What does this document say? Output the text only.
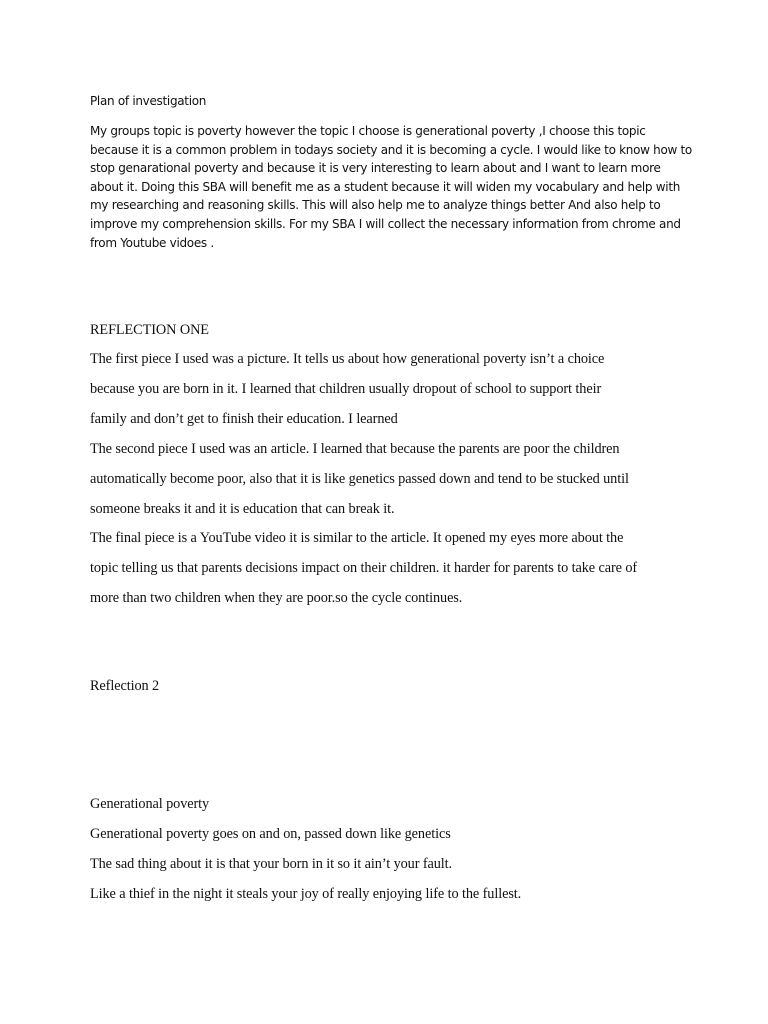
Plan of investigation

My groups topic is poverty however the topic I choose is generational poverty ,I choose this topic

because it is a common problem in todays society and it is becoming a cycle. I would like to know how to

stop genarational poverty and because it is very interesting to learn about and I want to learn more

about it. Doing this SBA will benefit me as a student because it will widen my vocabulary and help with

my researching and reasoning skills. This will also help me to analyze things better And also help to

improve my comprehension skills. For my SBA I will collect the necessary information from chrome and

from Youtube vidoes .

REFLECTION ONE

The first piece I used was a picture. It tells us about how generational poverty isn’t a choice

because you are born in it. I learned that children usually dropout of school to support their

family and don’t get to finish their education. I learned

The second piece I used was an article. I learned that because the parents are poor the children

automatically become poor, also that it is like genetics passed down and tend to be stucked until

someone breaks it and it is education that can break it.

The final piece is a YouTube video it is similar to the article. It opened my eyes more about the

topic telling us that parents decisions impact on their children. it harder for parents to take care of

more than two children when they are poor.so the cycle continues.

Reflection 2

Generational poverty

Generational poverty goes on and on, passed down like genetics

The sad thing about it is that your born in it so it ain’t your fault.

Like a thief in the night it steals your joy of really enjoying life to the fullest.
